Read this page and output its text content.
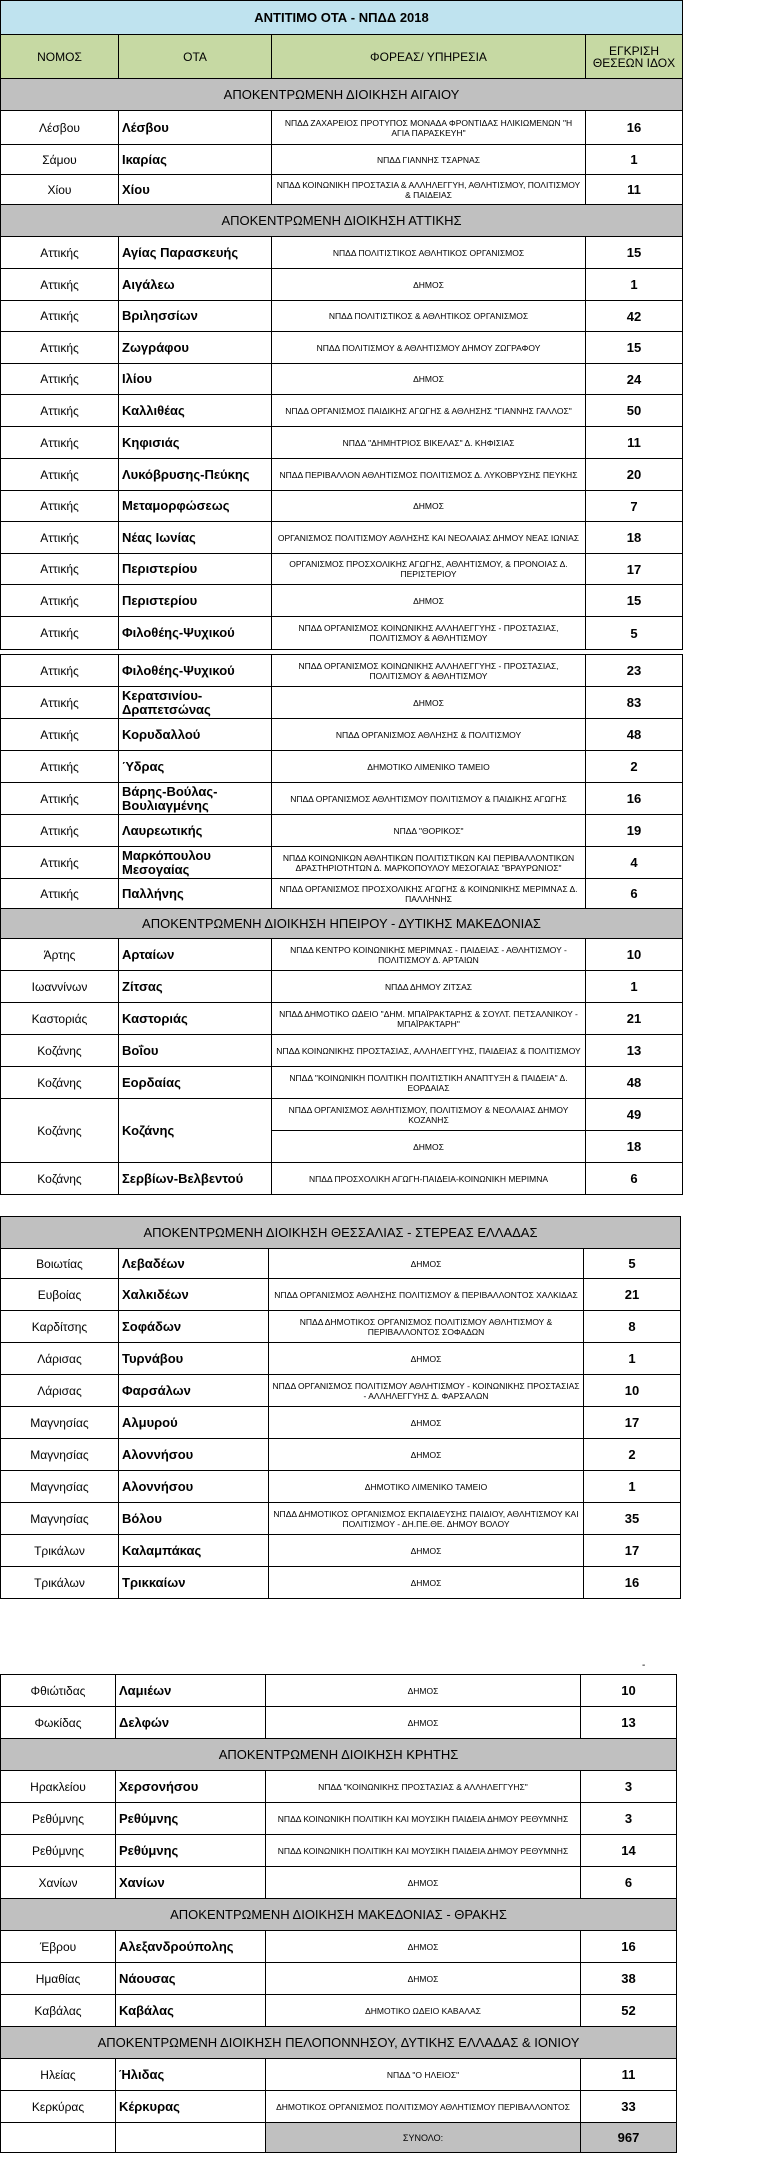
ΑΝΤΙΤΙΜΟ ΟΤΑ - ΝΠΔΔ 2018			
ΝΟΜΟΣ	ΟΤΑ	ΦΟΡΕΑΣ/ ΥΠΗΡΕΣΙΑ	ΕΓΚΡΙΣΗ ΘΕΣΕΩΝ ΙΔΟΧ
ΑΠΟΚΕΝΤΡΩΜΕΝΗ ΔΙΟΙΚΗΣΗ ΑΙΓΑΙΟΥ			
Λέσβου	Λέσβου	ΝΠΔΔ ΖΑΧΑΡΕΙΟΣ ΠΡΟΤΥΠΟΣ ΜΟΝΑΔΑ ΦΡΟΝΤΙΔΑΣ ΗΛΙΚΙΩΜΕΝΩΝ "Η ΑΓΙΑ ΠΑΡΑΣΚΕΥΗ"	16
Σάμου	Ικαρίας	ΝΠΔΔ ΓΙΑΝΝΗΣ ΤΣΑΡΝΑΣ	1
Χίου	Χίου	ΝΠΔΔ ΚΟΙΝΩΝΙΚΗ ΠΡΟΣΤΑΣΙΑ & ΑΛΛΗΛΕΓΓΥΗ, ΑΘΛΗΤΙΣΜΟΥ, ΠΟΛΙΤΙΣΜΟΥ & ΠΑΙΔΕΙΑΣ	11
ΑΠΟΚΕΝΤΡΩΜΕΝΗ ΔΙΟΙΚΗΣΗ ΑΤΤΙΚΗΣ			
Αττικής	Αγίας Παρασκευής	ΝΠΔΔ ΠΟΛΙΤΙΣΤΙΚΟΣ ΑΘΛΗΤΙΚΟΣ ΟΡΓΑΝΙΣΜΟΣ	15
Αττικής	Αιγάλεω	ΔΗΜΟΣ	1
Αττικής	Βριλησσίων	ΝΠΔΔ ΠΟΛΙΤΙΣΤΙΚΟΣ & ΑΘΛΗΤΙΚΟΣ ΟΡΓΑΝΙΣΜΟΣ	42
Αττικής	Ζωγράφου	ΝΠΔΔ ΠΟΛΙΤΙΣΜΟΥ & ΑΘΛΗΤΙΣΜΟΥ ΔΗΜΟΥ ΖΩΓΡΑΦΟΥ	15
Αττικής	Ιλίου	ΔΗΜΟΣ	24
Αττικής	Καλλιθέας	ΝΠΔΔ ΟΡΓΑΝΙΣΜΟΣ ΠΑΙΔΙΚΗΣ ΑΓΩΓΗΣ & ΑΘΛΗΣΗΣ "ΓΙΑΝΝΗΣ ΓΑΛΛΟΣ"	50
Αττικής	Κηφισιάς	ΝΠΔΔ "ΔΗΜΗΤΡΙΟΣ ΒΙΚΕΛΑΣ" Δ. ΚΗΦΙΣΙΑΣ	11
Αττικής	Λυκόβρυσης-Πεύκης	ΝΠΔΔ ΠΕΡΙΒΑΛΛΟΝ ΑΘΛΗΤΙΣΜΟΣ ΠΟΛΙΤΙΣΜΟΣ Δ. ΛΥΚΟΒΡΥΣΗΣ ΠΕΥΚΗΣ	20
Αττικής	Μεταμορφώσεως	ΔΗΜΟΣ	7
Αττικής	Νέας Ιωνίας	ΟΡΓΑΝΙΣΜΟΣ ΠΟΛΙΤΙΣΜΟΥ ΑΘΛΗΣΗΣ ΚΑΙ ΝΕΟΛΑΙΑΣ ΔΗΜΟΥ ΝΕΑΣ ΙΩΝΙΑΣ	18
Αττικής	Περιστερίου	ΟΡΓΑΝΙΣΜΟΣ ΠΡΟΣΧΟΛΙΚΗΣ ΑΓΩΓΗΣ, ΑΘΛΗΤΙΣΜΟΥ, & ΠΡΟΝΟΙΑΣ Δ. ΠΕΡΙΣΤΕΡΙΟΥ	17
Αττικής	Περιστερίου	ΔΗΜΟΣ	15
Αττικής	Φιλοθέης-Ψυχικού	ΝΠΔΔ ΟΡΓΑΝΙΣΜΟΣ ΚΟΙΝΩΝΙΚΗΣ ΑΛΛΗΛΕΓΓΥΗΣ - ΠΡΟΣΤΑΣΙΑΣ, ΠΟΛΙΤΙΣΜΟΥ & ΑΘΛΗΤΙΣΜΟΥ	5
Αττικής	Φιλοθέης-Ψυχικού	ΝΠΔΔ ΟΡΓΑΝΙΣΜΟΣ ΚΟΙΝΩΝΙΚΗΣ ΑΛΛΗΛΕΓΓΥΗΣ - ΠΡΟΣΤΑΣΙΑΣ, ΠΟΛΙΤΙΣΜΟΥ & ΑΘΛΗΤΙΣΜΟΥ	23
Αττικής	Κερατσινίου-Δραπετσώνας	ΔΗΜΟΣ	83
Αττικής	Κορυδαλλού	ΝΠΔΔ ΟΡΓΑΝΙΣΜΟΣ ΑΘΛΗΣΗΣ & ΠΟΛΙΤΙΣΜΟΥ	48
Αττικής	Ύδρας	ΔΗΜΟΤΙΚΟ ΛΙΜΕΝΙΚΟ ΤΑΜΕΙΟ	2
Αττικής	Βάρης-Βούλας-Βουλιαγμένης	ΝΠΔΔ ΟΡΓΑΝΙΣΜΟΣ ΑΘΛΗΤΙΣΜΟΥ ΠΟΛΙΤΙΣΜΟΥ & ΠΑΙΔΙΚΗΣ ΑΓΩΓΗΣ	16
Αττικής	Λαυρεωτικής	ΝΠΔΔ "ΘΟΡΙΚΟΣ"	19
Αττικής	Μαρκόπουλου Μεσογαίας	ΝΠΔΔ ΚΟΙΝΩΝΙΚΩΝ ΑΘΛΗΤΙΚΩΝ ΠΟΛΙΤΙΣΤΙΚΩΝ ΚΑΙ ΠΕΡΙΒΑΛΛΟΝΤΙΚΩΝ ΔΡΑΣΤΗΡΙΟΤΗΤΩΝ Δ. ΜΑΡΚΟΠΟΥΛΟΥ ΜΕΣΟΓΑΙΑΣ "ΒΡΑΥΡΩΝΙΟΣ"	4
Αττικής	Παλλήνης	ΝΠΔΔ ΟΡΓΑΝΙΣΜΟΣ ΠΡΟΣΧΟΛΙΚΗΣ ΑΓΩΓΗΣ & ΚΟΙΝΩΝΙΚΗΣ ΜΕΡΙΜΝΑΣ Δ. ΠΑΛΛΗΝΗΣ	6
ΑΠΟΚΕΝΤΡΩΜΕΝΗ ΔΙΟΙΚΗΣΗ ΗΠΕΙΡΟΥ - ΔΥΤΙΚΗΣ ΜΑΚΕΔΟΝΙΑΣ			
Άρτης	Αρταίων	ΝΠΔΔ ΚΕΝΤΡΟ ΚΟΙΝΩΝΙΚΗΣ ΜΕΡΙΜΝΑΣ - ΠΑΙΔΕΙΑΣ - ΑΘΛΗΤΙΣΜΟΥ - ΠΟΛΙΤΙΣΜΟΥ Δ. ΑΡΤΑΙΩΝ	10
Ιωαννίνων	Ζίτσας	ΝΠΔΔ ΔΗΜΟΥ ΖΙΤΣΑΣ	1
Καστοριάς	Καστοριάς	ΝΠΔΔ ΔΗΜΟΤΙΚΟ ΩΔΕΙΟ "ΔΗΜ. ΜΠΑΪΡΑΚΤΑΡΗΣ & ΣΟΥΛΤ. ΠΕΤΣΑΛΝΙΚΟΥ - ΜΠΑΪΡΑΚΤΑΡΗ"	21
Κοζάνης	Βοΐου	ΝΠΔΔ ΚΟΙΝΩΝΙΚΗΣ ΠΡΟΣΤΑΣΙΑΣ, ΑΛΛΗΛΕΓΓΥΗΣ, ΠΑΙΔΕΙΑΣ & ΠΟΛΙΤΙΣΜΟΥ	13
Κοζάνης	Εορδαίας	ΝΠΔΔ "ΚΟΙΝΩΝΙΚΗ ΠΟΛΙΤΙΚΗ ΠΟΛΙΤΙΣΤΙΚΗ ΑΝΑΠΤΥΞΗ & ΠΑΙΔΕΙΑ" Δ. ΕΟΡΔΑΙΑΣ	48
Κοζάνης	Κοζάνης	ΝΠΔΔ ΟΡΓΑΝΙΣΜΟΣ ΑΘΛΗΤΙΣΜΟΥ, ΠΟΛΙΤΙΣΜΟΥ & ΝΕΟΛΑΙΑΣ ΔΗΜΟΥ ΚΟΖΑΝΗΣ	49
		ΔΗΜΟΣ	18
Κοζάνης	Σερβίων-Βελβεντού	ΝΠΔΔ ΠΡΟΣΧΟΛΙΚΗ ΑΓΩΓΗ-ΠΑΙΔΕΙΑ-ΚΟΙΝΩΝΙΚΗ ΜΕΡΙΜΝΑ	6
ΑΠΟΚΕΝΤΡΩΜΕΝΗ ΔΙΟΙΚΗΣΗ ΘΕΣΣΑΛΙΑΣ - ΣΤΕΡΕΑΣ ΕΛΛΑΔΑΣ			
Βοιωτίας	Λεβαδέων	ΔΗΜΟΣ	5
Ευβοίας	Χαλκιδέων	ΝΠΔΔ ΟΡΓΑΝΙΣΜΟΣ ΑΘΛΗΣΗΣ ΠΟΛΙΤΙΣΜΟΥ & ΠΕΡΙΒΑΛΛΟΝΤΟΣ ΧΑΛΚΙΔΑΣ	21
Καρδίτσης	Σοφάδων	ΝΠΔΔ ΔΗΜΟΤΙΚΟΣ ΟΡΓΑΝΙΣΜΟΣ ΠΟΛΙΤΙΣΜΟΥ ΑΘΛΗΤΙΣΜΟΥ & ΠΕΡΙΒΑΛΛΟΝΤΟΣ ΣΟΦΑΔΩΝ	8
Λάρισας	Τυρνάβου	ΔΗΜΟΣ	1
Λάρισας	Φαρσάλων	ΝΠΔΔ ΟΡΓΑΝΙΣΜΟΣ ΠΟΛΙΤΙΣΜΟΥ ΑΘΛΗΤΙΣΜΟΥ - ΚΟΙΝΩΝΙΚΗΣ ΠΡΟΣΤΑΣΙΑΣ - ΑΛΛΗΛΕΓΓΥΗΣ Δ. ΦΑΡΣΑΛΩΝ	10
Μαγνησίας	Αλμυρού	ΔΗΜΟΣ	17
Μαγνησίας	Αλοννήσου	ΔΗΜΟΣ	2
Μαγνησίας	Αλοννήσου	ΔΗΜΟΤΙΚΟ ΛΙΜΕΝΙΚΟ ΤΑΜΕΙΟ	1
Μαγνησίας	Βόλου	ΝΠΔΔ ΔΗΜΟΤΙΚΟΣ ΟΡΓΑΝΙΣΜΟΣ ΕΚΠΑΙΔΕΥΣΗΣ ΠΑΙΔΙΟΥ, ΑΘΛΗΤΙΣΜΟΥ ΚΑΙ ΠΟΛΙΤΙΣΜΟΥ - ΔΗ.ΠΕ.ΘΕ. ΔΗΜΟΥ ΒΟΛΟΥ	35
Τρικάλων	Καλαμπάκας	ΔΗΜΟΣ	17
Τρικάλων	Τρικκαίων	ΔΗΜΟΣ	16
-
Φθιώτιδας	Λαμιέων	ΔΗΜΟΣ	10
Φωκίδας	Δελφών	ΔΗΜΟΣ	13
ΑΠΟΚΕΝΤΡΩΜΕΝΗ ΔΙΟΙΚΗΣΗ ΚΡΗΤΗΣ			
Ηρακλείου	Χερσονήσου	ΝΠΔΔ "ΚΟΙΝΩΝΙΚΗΣ ΠΡΟΣΤΑΣΙΑΣ & ΑΛΛΗΛΕΓΓΥΗΣ"	3
Ρεθύμνης	Ρεθύμνης	ΝΠΔΔ ΚΟΙΝΩΝΙΚΗ ΠΟΛΙΤΙΚΗ ΚΑΙ ΜΟΥΣΙΚΗ ΠΑΙΔΕΙΑ ΔΗΜΟΥ ΡΕΘΥΜΝΗΣ	3
Ρεθύμνης	Ρεθύμνης	ΝΠΔΔ ΚΟΙΝΩΝΙΚΗ ΠΟΛΙΤΙΚΗ ΚΑΙ ΜΟΥΣΙΚΗ ΠΑΙΔΕΙΑ ΔΗΜΟΥ ΡΕΘΥΜΝΗΣ	14
Χανίων	Χανίων	ΔΗΜΟΣ	6
ΑΠΟΚΕΝΤΡΩΜΕΝΗ ΔΙΟΙΚΗΣΗ ΜΑΚΕΔΟΝΙΑΣ - ΘΡΑΚΗΣ			
Έβρου	Αλεξανδρούπολης	ΔΗΜΟΣ	16
Ημαθίας	Νάουσας	ΔΗΜΟΣ	38
Καβάλας	Καβάλας	ΔΗΜΟΤΙΚΟ ΩΔΕΙΟ ΚΑΒΑΛΑΣ	52
ΑΠΟΚΕΝΤΡΩΜΕΝΗ ΔΙΟΙΚΗΣΗ ΠΕΛΟΠΟΝΝΗΣΟΥ, ΔΥΤΙΚΗΣ ΕΛΛΑΔΑΣ & ΙΟΝΙΟΥ			
Ηλείας	Ήλιδας	ΝΠΔΔ "Ο ΗΛΕΙΟΣ"	11
Κερκύρας	Κέρκυρας	ΔΗΜΟΤΙΚΟΣ ΟΡΓΑΝΙΣΜΟΣ ΠΟΛΙΤΙΣΜΟΥ ΑΘΛΗΤΙΣΜΟΥ ΠΕΡΙΒΑΛΛΟΝΤΟΣ	33
		ΣΥΝΟΛΟ:	967
